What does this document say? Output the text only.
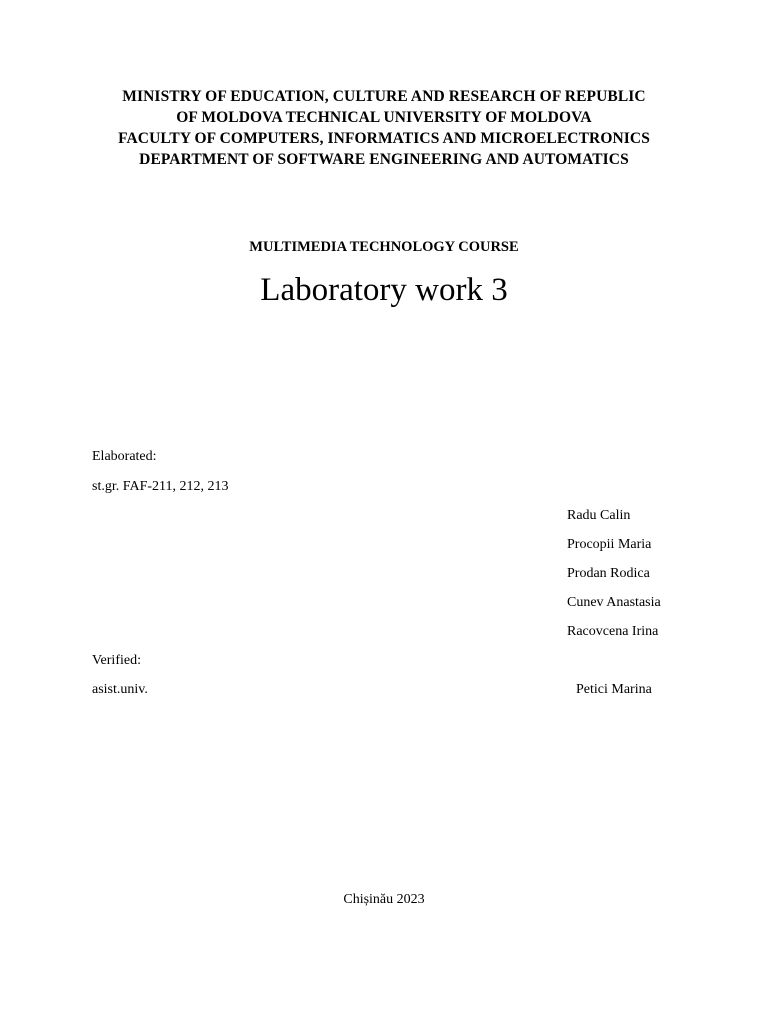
MINISTRY OF EDUCATION, CULTURE AND RESEARCH OF REPUBLIC
OF MOLDOVA TECHNICAL UNIVERSITY OF MOLDOVA
FACULTY OF COMPUTERS, INFORMATICS AND MICROELECTRONICS
DEPARTMENT OF SOFTWARE ENGINEERING AND AUTOMATICS
MULTIMEDIA TECHNOLOGY COURSE
Laboratory work 3
Elaborated:
st.gr. FAF-211, 212, 213
Radu Calin
Procopii Maria
Prodan Rodica
Cunev Anastasia
Racovcena Irina
Verified:
asist.univ.	Petici Marina
Chișinău 2023
